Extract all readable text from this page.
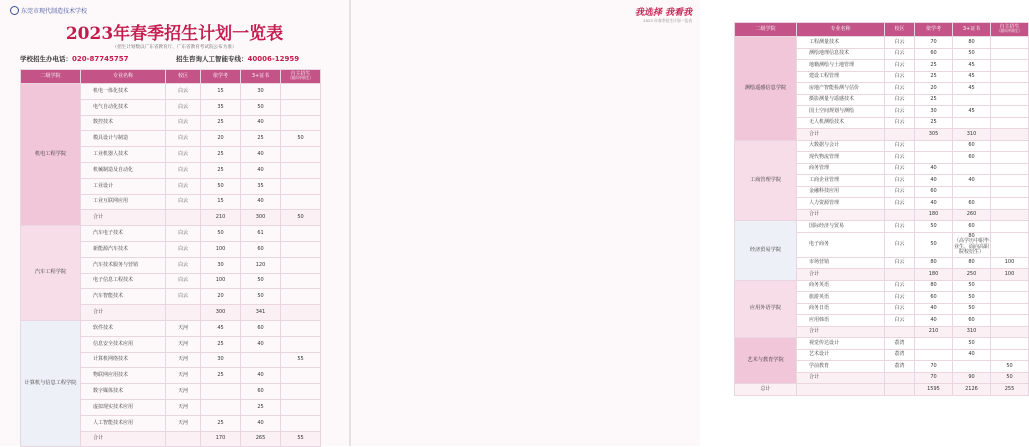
东莞市现代制造技术学校
2023年春季招生计划一览表
（招生计划数以广东省教育厅、广东省教育考试院公布为准）
学校招生办电话：020-87745757	招生咨询人工智能专线：40006-12959
二级学院	专业名称	校区	依学考	3+证书	自主招生
（面向中职生）

机电工程学院	机电一体化技术	白云	15	30	
	电气自动化技术	白云	35	50	
	数控技术	白云	25	40	
	模具设计与制造	白云	20	25	50
	工业机器人技术	白云	25	40	
	机械制造及自动化	白云	25	40	
	工业设计	白云	50	35	
	工业互联网应用	白云	15	40	
	合计		210	300	50
汽车工程学院	汽车电子技术	白云	50	61	
	新能源汽车技术	白云	100	60	
	汽车技术服务与营销	白云	30	120	
	电子信息工程技术	白云	100	50	
	汽车智能技术	白云	20	50	
	合计		300	341	
计算机与信息工程学院	软件技术	天河	45	60	
	信息安全技术应用	天河	25	40	
	计算机网络技术	天河	30		55
	物联网应用技术	天河	25	40	
	数字媒体技术	天河		60	
	虚拟现实技术应用	天河		25	
	人工智能技术应用	天河	25	40	
	合计		170	265	55
我选择 我看我
2023 年春季招生计划一览表
二级学院	专业名称	校区	依学考	3+证书	自主招生
（面向中职生）

测绘遥感信息学院	工程测量技术	白云	70	80	
	测绘地理信息技术	白云	60	50	
	地籍测绘与土地管理	白云	25	45	
	建设工程管理	白云	25	45	
	房地产智能检测与估价	白云	20	45	
	摄影测量与遥感技术	白云	25		
	国土空间规划与测绘	白云	30	45	
	无人机测绘技术	白云	25		
	合计		305	310	
工商管理学院	大数据与会计	白云		60	
	现代物流管理	白云		60	
	商务管理	白云	40		
	工商企业管理	白云	40	40	
	金融科技应用	白云	60		
	人力资源管理	白云	40	60	
	合计		180	260	
经济贸易学院	国际经济与贸易	白云	50	60	
	电子商务	白云	50	80
（高学历中职毕业生，面向高职院校招生）	

	市场营销	白云	80	80	100
	合计		180	250	100
应用外语学院	商务英语	白云	80	50	
	旅游英语	白云	60	50	
	商务日语	白云	40	50	
	应用韩语	白云	40	60	
	合计		210	310	
艺术与教育学院	视觉传达设计	荔湾		50	
	艺术设计	荔湾		40	
	学前教育	荔湾	70		50
	合计		70	90	50
总计			1595	2126	255
